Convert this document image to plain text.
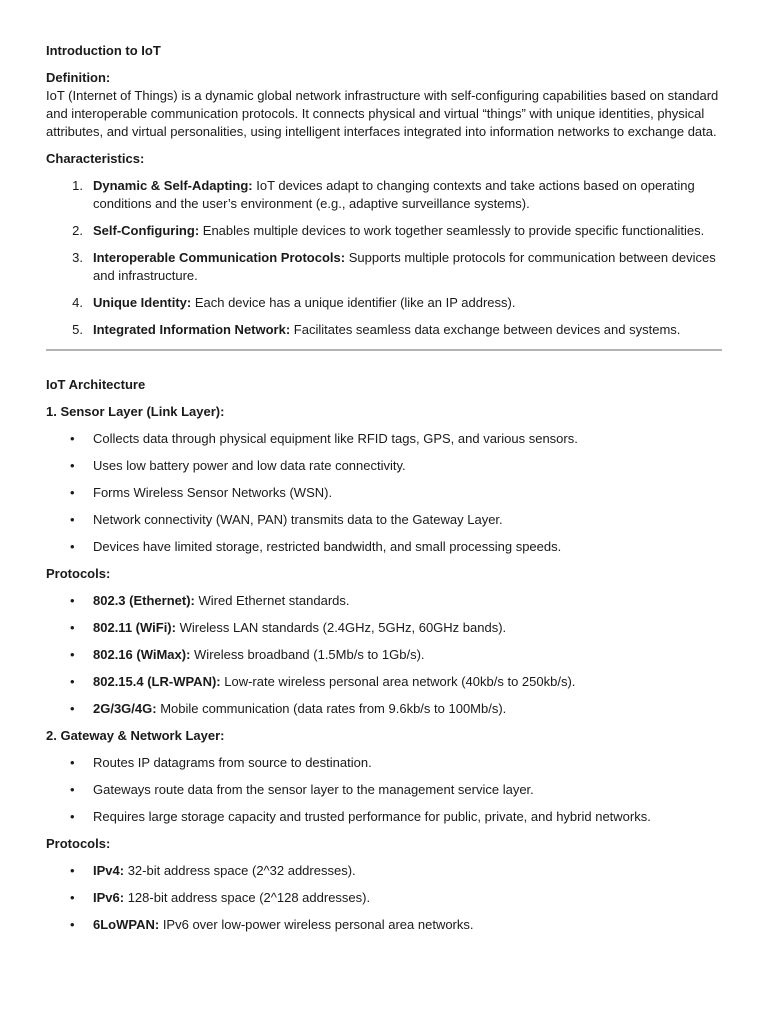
Introduction to IoT

Definition:

IoT (Internet of Things) is a dynamic global network infrastructure with self-configuring capabilities based on standard and interoperable communication protocols. It connects physical and virtual “things” with unique identities, physical attributes, and virtual personalities, using intelligent interfaces integrated into information networks to exchange data.

Characteristics:

1. Dynamic & Self-Adapting: IoT devices adapt to changing contexts and take actions based on operating conditions and the user’s environment (e.g., adaptive surveillance systems).
2. Self-Configuring: Enables multiple devices to work together seamlessly to provide specific functionalities.
3. Interoperable Communication Protocols: Supports multiple protocols for communication between devices and infrastructure.
4. Unique Identity: Each device has a unique identifier (like an IP address).
5. Integrated Information Network: Facilitates seamless data exchange between devices and systems.

IoT Architecture

1. Sensor Layer (Link Layer):

• Collects data through physical equipment like RFID tags, GPS, and various sensors.
• Uses low battery power and low data rate connectivity.
• Forms Wireless Sensor Networks (WSN).
• Network connectivity (WAN, PAN) transmits data to the Gateway Layer.
• Devices have limited storage, restricted bandwidth, and small processing speeds.

Protocols:

• 802.3 (Ethernet): Wired Ethernet standards.
• 802.11 (WiFi): Wireless LAN standards (2.4GHz, 5GHz, 60GHz bands).
• 802.16 (WiMax): Wireless broadband (1.5Mb/s to 1Gb/s).
• 802.15.4 (LR-WPAN): Low-rate wireless personal area network (40kb/s to 250kb/s).
• 2G/3G/4G: Mobile communication (data rates from 9.6kb/s to 100Mb/s).

2. Gateway & Network Layer:

• Routes IP datagrams from source to destination.
• Gateways route data from the sensor layer to the management service layer.
• Requires large storage capacity and trusted performance for public, private, and hybrid networks.

Protocols:

• IPv4: 32-bit address space (2^32 addresses).
• IPv6: 128-bit address space (2^128 addresses).
• 6LoWPAN: IPv6 over low-power wireless personal area networks.
